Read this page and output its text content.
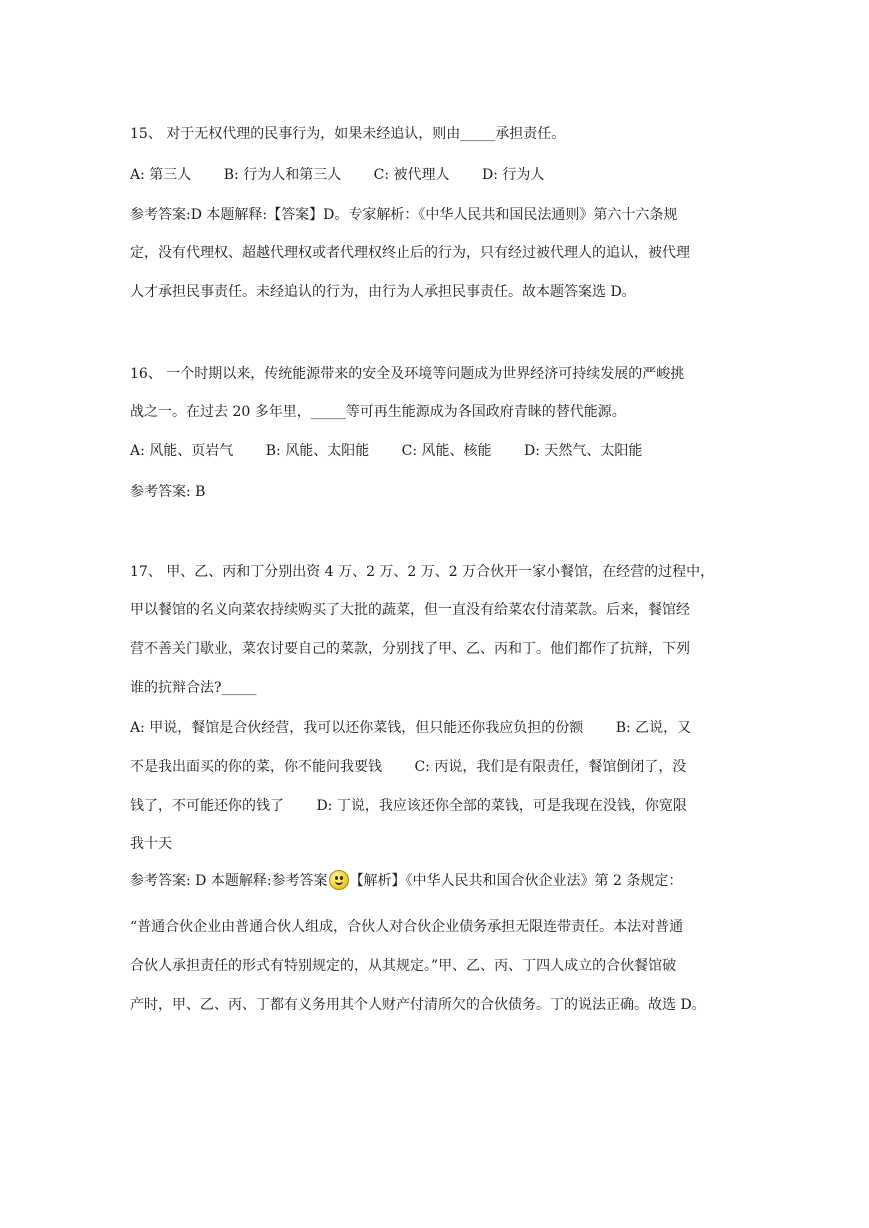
15、 对于无权代理的民事行为，如果未经追认，则由_____承担责任。
A: 第三人 B: 行为人和第三人 C: 被代理人 D: 行为人
参考答案:D 本题解释:【答案】D。专家解析：《中华人民共和国民法通则》第六十六条规
定，没有代理权、超越代理权或者代理权终止后的行为，只有经过被代理人的追认，被代理
人才承担民事责任。未经追认的行为，由行为人承担民事责任。故本题答案选 D。
16、 一个时期以来，传统能源带来的安全及环境等问题成为世界经济可持续发展的严峻挑
战之一。在过去 20 多年里，_____等可再生能源成为各国政府青睐的替代能源。
A: 风能、页岩气 B: 风能、太阳能 C: 风能、核能 D: 天然气、太阳能
参考答案: B
17、 甲、乙、丙和丁分别出资 4 万、2 万、2 万、2 万合伙开一家小餐馆，在经营的过程中，
甲以餐馆的名义向菜农持续购买了大批的蔬菜，但一直没有给菜农付清菜款。后来，餐馆经
营不善关门歇业，菜农讨要自己的菜款，分别找了甲、乙、丙和丁。他们都作了抗辩，下列
谁的抗辩合法?_____
A: 甲说，餐馆是合伙经营，我可以还你菜钱，但只能还你我应负担的份额　　 B: 乙说，又
不是我出面买的你的菜，你不能问我要钱　　 C: 丙说，我们是有限责任，餐馆倒闭了，没
钱了，不可能还你的钱了　　 D: 丁说，我应该还你全部的菜钱，可是我现在没钱，你宽限
我十天
参考答案: D 本题解释:参考答案 【解析】《中华人民共和国合伙企业法》第 2 条规定：
“普通合伙企业由普通合伙人组成，合伙人对合伙企业债务承担无限连带责任。本法对普通
合伙人承担责任的形式有特别规定的，从其规定。”甲、乙、丙、丁四人成立的合伙餐馆破
产时，甲、乙、丙、丁都有义务用其个人财产付清所欠的合伙债务。丁的说法正确。故选 D。
